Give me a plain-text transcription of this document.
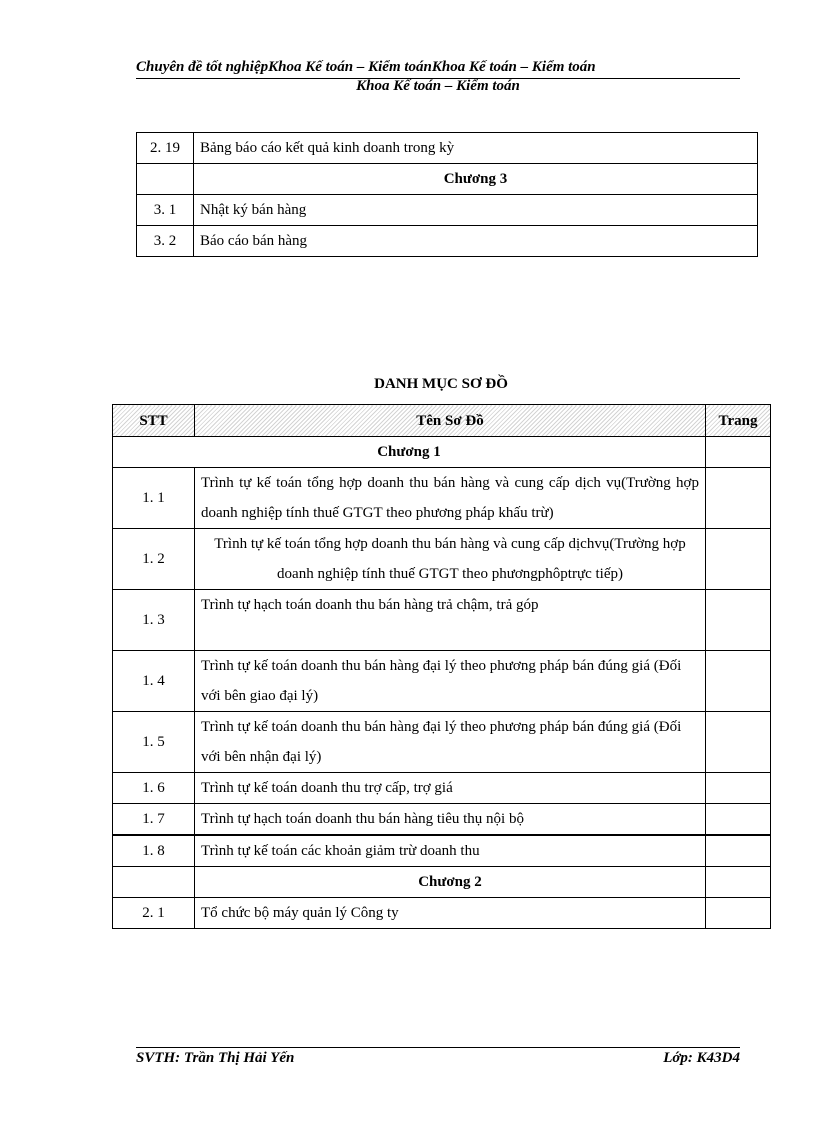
Chuyên đề tốt nghiệpKhoa Kế toán – Kiểm toánKhoa Kế toán – Kiểm toán
Khoa Kế toán – Kiểm toán
2. 19	Bảng báo cáo kết quả kinh doanh trong kỳ
	Chương 3
3. 1	Nhật ký bán hàng
3. 2	Báo cáo bán hàng
DANH MỤC SƠ ĐỒ
STT	Tên Sơ Đồ	Trang
Chương 1		
1. 1	Trình tự kế toán tổng hợp doanh thu bán hàng và cung cấp dịch vụ(Trường hợp doanh nghiệp tính thuế GTGT theo phương pháp khấu trừ)	
1. 2	Trình tự kế toán tổng hợp doanh thu bán hàng và cung cấp dịchvụ(Trường hợp doanh nghiệp tính thuế GTGT theo phươngphôptrực tiếp)	
1. 3	Trình tự hạch toán doanh thu bán hàng trả chậm, trả góp	
1. 4	Trình tự kế toán doanh thu bán hàng đại lý theo phương pháp bán đúng giá (Đối với bên giao đại lý)	
1. 5	Trình tự kế toán doanh thu bán hàng đại lý theo phương pháp bán đúng giá (Đối với bên nhận đại lý)	
1. 6	Trình tự kế toán doanh thu trợ cấp, trợ giá	
1. 7	Trình tự hạch toán doanh thu bán hàng tiêu thụ nội bộ	
1. 8	Trình tự kế toán các khoản giảm trừ doanh thu	
	Chương 2	
2. 1	Tổ chức bộ máy quản lý Công ty	
SVTH: Trần Thị Hải Yến	Lớp: K43D4
